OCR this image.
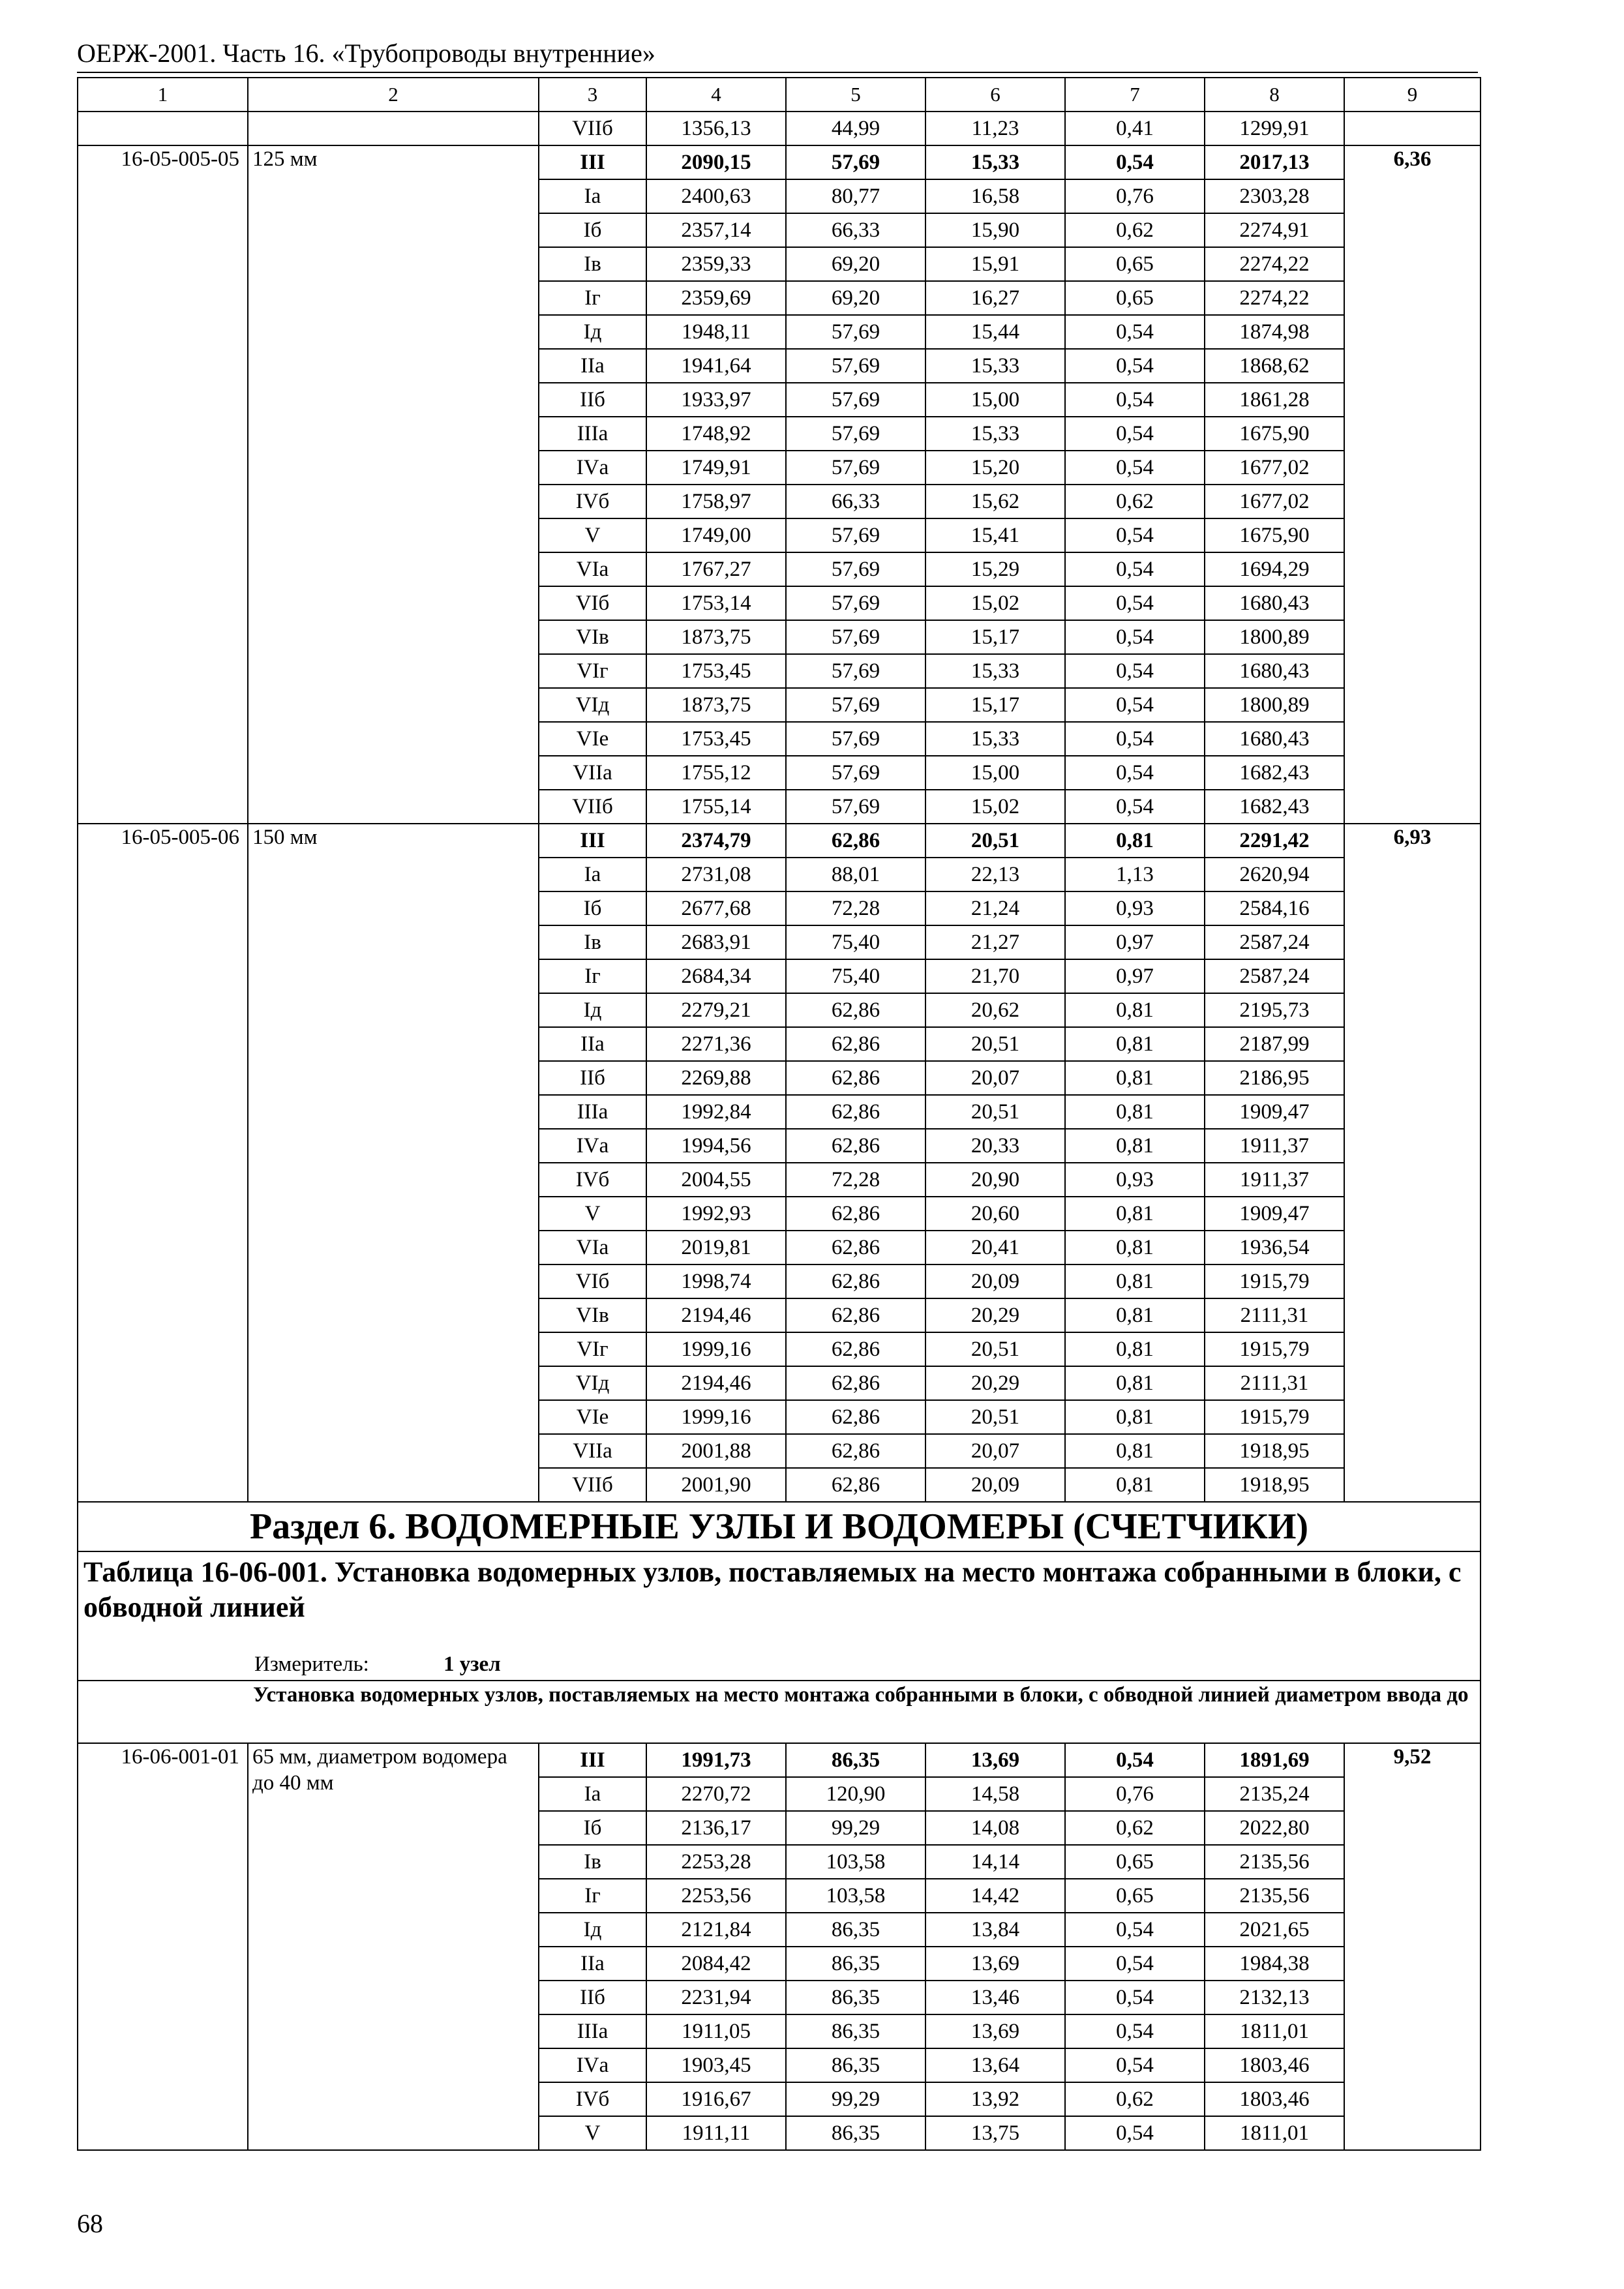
ОЕРЖ-2001. Часть 16. «Трубопроводы внутренние»
1	2	3	4	5	6	7	8	9
		VIIб	1356,13	44,99	11,23	0,41	1299,91	
16-05-005-05	125 мм	III	2090,15	57,69	15,33	0,54	2017,13	6,36
		Iа	2400,63	80,77	16,58	0,76	2303,28	
		Iб	2357,14	66,33	15,90	0,62	2274,91	
		Iв	2359,33	69,20	15,91	0,65	2274,22	
		Iг	2359,69	69,20	16,27	0,65	2274,22	
		Iд	1948,11	57,69	15,44	0,54	1874,98	
		IIа	1941,64	57,69	15,33	0,54	1868,62	
		IIб	1933,97	57,69	15,00	0,54	1861,28	
		IIIа	1748,92	57,69	15,33	0,54	1675,90	
		IVа	1749,91	57,69	15,20	0,54	1677,02	
		IVб	1758,97	66,33	15,62	0,62	1677,02	
		V	1749,00	57,69	15,41	0,54	1675,90	
		VIа	1767,27	57,69	15,29	0,54	1694,29	
		VIб	1753,14	57,69	15,02	0,54	1680,43	
		VIв	1873,75	57,69	15,17	0,54	1800,89	
		VIг	1753,45	57,69	15,33	0,54	1680,43	
		VIд	1873,75	57,69	15,17	0,54	1800,89	
		VIе	1753,45	57,69	15,33	0,54	1680,43	
		VIIа	1755,12	57,69	15,00	0,54	1682,43	
		VIIб	1755,14	57,69	15,02	0,54	1682,43	
16-05-005-06	150 мм	III	2374,79	62,86	20,51	0,81	2291,42	6,93
		Iа	2731,08	88,01	22,13	1,13	2620,94	
		Iб	2677,68	72,28	21,24	0,93	2584,16	
		Iв	2683,91	75,40	21,27	0,97	2587,24	
		Iг	2684,34	75,40	21,70	0,97	2587,24	
		Iд	2279,21	62,86	20,62	0,81	2195,73	
		IIа	2271,36	62,86	20,51	0,81	2187,99	
		IIб	2269,88	62,86	20,07	0,81	2186,95	
		IIIа	1992,84	62,86	20,51	0,81	1909,47	
		IVа	1994,56	62,86	20,33	0,81	1911,37	
		IVб	2004,55	72,28	20,90	0,93	1911,37	
		V	1992,93	62,86	20,60	0,81	1909,47	
		VIа	2019,81	62,86	20,41	0,81	1936,54	
		VIб	1998,74	62,86	20,09	0,81	1915,79	
		VIв	2194,46	62,86	20,29	0,81	2111,31	
		VIг	1999,16	62,86	20,51	0,81	1915,79	
		VIд	2194,46	62,86	20,29	0,81	2111,31	
		VIе	1999,16	62,86	20,51	0,81	1915,79	
		VIIа	2001,88	62,86	20,07	0,81	1918,95	
		VIIб	2001,90	62,86	20,09	0,81	1918,95	
Раздел 6. ВОДОМЕРНЫЕ УЗЛЫ И ВОДОМЕРЫ (СЧЕТЧИКИ)								
Таблица 16-06-001. Установка водомерных узлов, поставляемых на место монтажа собранными в блоки, с обводной линией								
Измеритель: 1 узел								
Установка водомерных узлов, поставляемых на место монтажа собранными в блоки, с обводной линией диаметром ввода до								
16-06-001-01	65 мм, диаметром водомера до 40 мм	III	1991,73	86,35	13,69	0,54	1891,69	9,52
		Iа	2270,72	120,90	14,58	0,76	2135,24	
		Iб	2136,17	99,29	14,08	0,62	2022,80	
		Iв	2253,28	103,58	14,14	0,65	2135,56	
		Iг	2253,56	103,58	14,42	0,65	2135,56	
		Iд	2121,84	86,35	13,84	0,54	2021,65	
		IIа	2084,42	86,35	13,69	0,54	1984,38	
		IIб	2231,94	86,35	13,46	0,54	2132,13	
		IIIа	1911,05	86,35	13,69	0,54	1811,01	
		IVа	1903,45	86,35	13,64	0,54	1803,46	
		IVб	1916,67	99,29	13,92	0,62	1803,46	
		V	1911,11	86,35	13,75	0,54	1811,01	
68
